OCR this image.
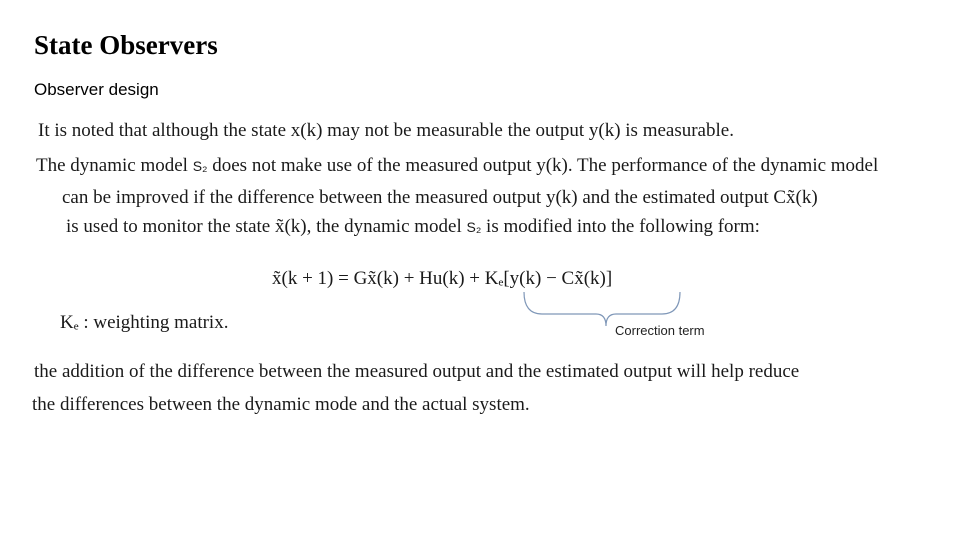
State Observers
Observer design
It is noted that although the state x(k) may not be measurable the output y(k) is measurable.
The dynamic model S₂ does not make use of the measured output y(k). The performance of the dynamic model
can be improved if the difference between the measured output y(k) and the estimated output Cx̃(k)
is used to monitor the state x̃(k), the dynamic model S₂ is modified into the following form:
x̃(k + 1) = Gx̃(k) + Hu(k) + Kₑ[y(k) − Cx̃(k)]
Correction term
Kₑ : weighting matrix.
the addition of the difference between the measured output and the estimated output will help reduce
the differences between the dynamic mode and the actual system.
